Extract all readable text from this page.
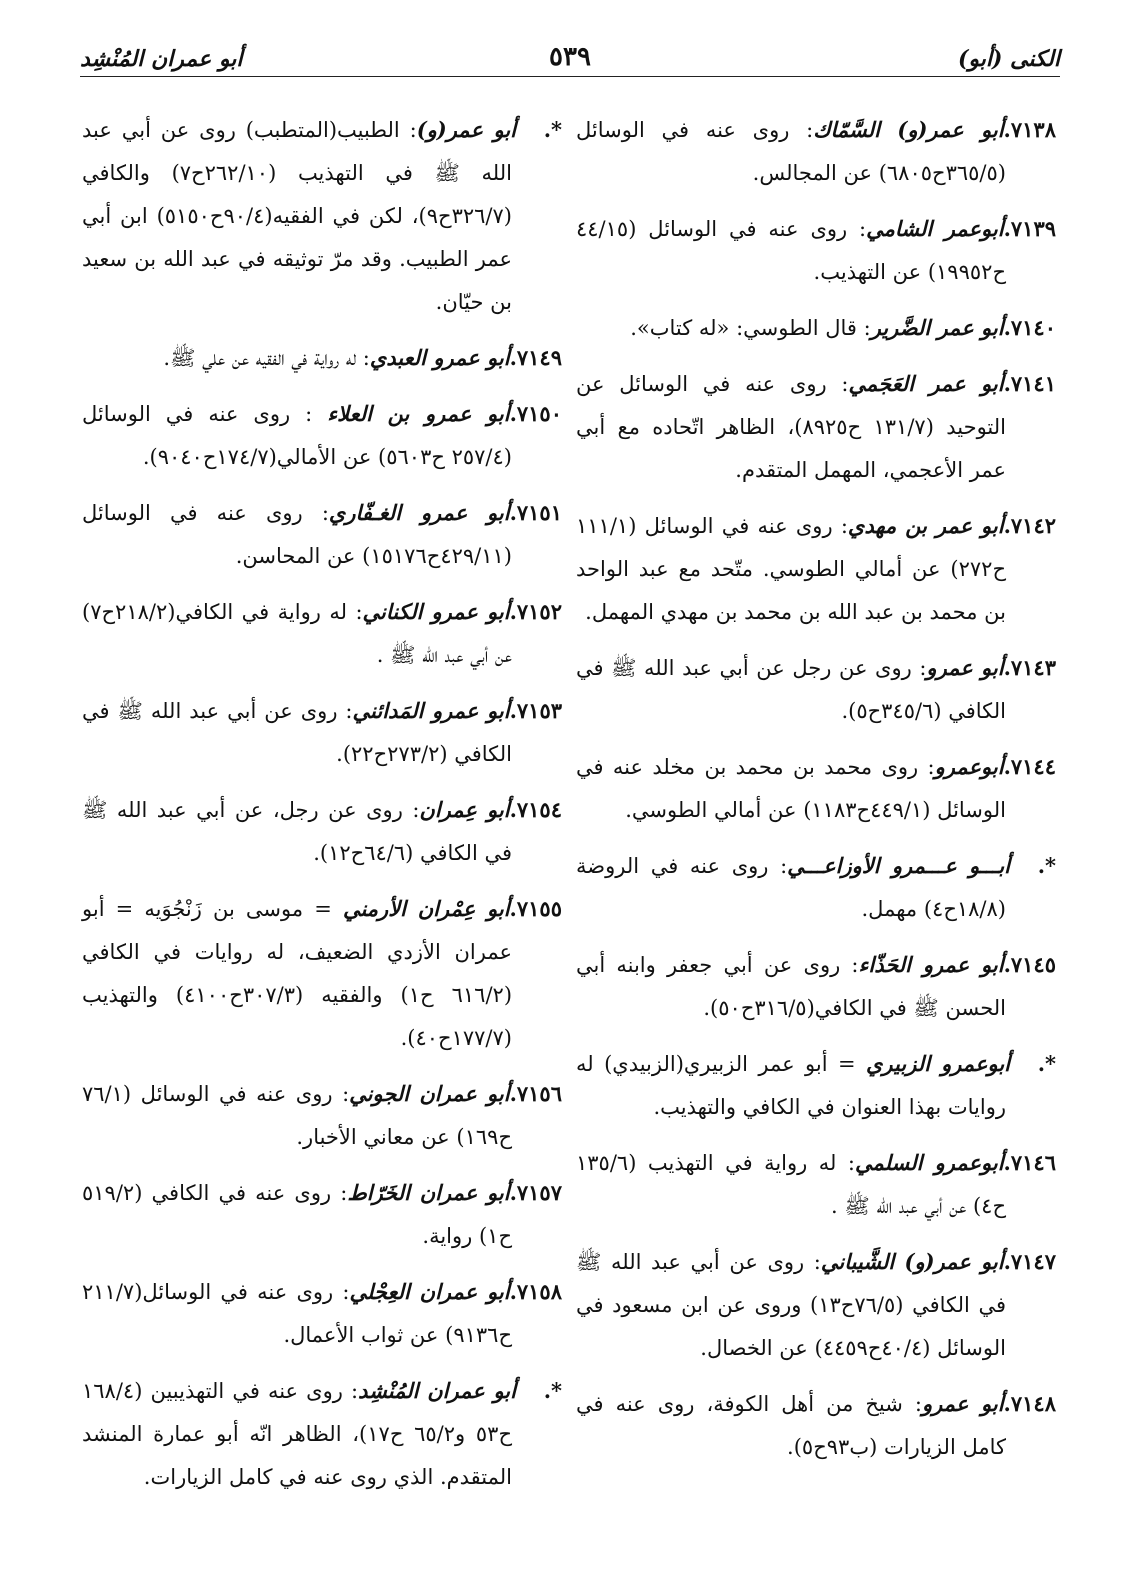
الكنى (أبو)
٥٣٩
أبو عمران المُنْشِد

٧١٣٨.أبو عمر(و) السَّمّاك: روى عنه في الوسائل (٣٦٥/٥ح٦٨٠٥) عن المجالس.

٧١٣٩.أبوعمر الشامي: روى عنه في الوسائل (٤٤/١٥ ح١٩٩٥٢) عن التهذيب.

٧١٤٠.أبو عمر الضَّرير: قال الطوسي: «له كتاب».

٧١٤١.أبو عمر العَجَمي: روى عنه في الوسائل عن التوحيد (١٣١/٧ ح٨٩٢٥)، الظاهر اتّحاده مع أبي عمر الأعجمي، المهمل المتقدم.

٧١٤٢.أبو عمر بن مهدي: روى عنه في الوسائل (١١١/١ ح٢٧٢) عن أمالي الطوسي. متّحد مع عبد الواحد بن محمد بن عبد الله بن محمد بن مهدي المهمل.

٧١٤٣.أبو عمرو: روى عن رجل عن أبي عبد الله ﷺ في الكافي (٣٤٥/٦ح٥).

٧١٤٤.أبوعمرو: روى محمد بن محمد بن مخلد عنه في الوسائل (٤٤٩/١ح١١٨٣) عن أمالي الطوسي.

*.أبـــو عـــمرو الأوزاعـــي: روى عنه في الروضة (١٨/٨ح٤) مهمل.

٧١٤٥.أبو عمرو الحَذّاء: روى عن أبي جعفر وابنه أبي الحسن ﷺ في الكافي(٣١٦/٥ح٥٠).

*.أبوعمرو الزبيري = أبو عمر الزبيري(الزبيدي) له روايات بهذا العنوان في الكافي والتهذيب.

٧١٤٦.أبوعمرو السلمي: له رواية في التهذيب (١٣٥/٦ ح٤) عن أبي عبد الله ﷺ .

٧١٤٧.أبو عمر(و) الشَّيباني: روى عن أبي عبد الله ﷺ في الكافي (٧٦/٥ح١٣) وروى عن ابن مسعود في الوسائل (٤٠/٤ح٤٤٥٩) عن الخصال.

٧١٤٨.أبو عمرو: شيخ من أهل الكوفة، روى عنه في كامل الزيارات (ب٩٣ح٥).

*.أبو عمر(و): الطبيب(المتطبب) روى عن أبي عبد الله ﷺ في التهذيب (٢٦٢/١٠ح٧) والكافي (٣٢٦/٧ح٩)، لكن في الفقيه(٩٠/٤ح٥١٥٠) ابن أبي عمر الطبيب. وقد مرّ توثيقه في عبد الله بن سعيد بن حيّان.

٧١٤٩.أبو عمرو العبدي: له رواية في الفقيه عن علي ﷺ.

٧١٥٠.أبو عمرو بن العلاء : روى عنه في الوسائل (٢٥٧/٤ ح٥٦٠٣) عن الأمالي(١٧٤/٧ح٩٠٤٠).

٧١٥١.أبو عمرو الغـفّاري: روى عنه في الوسائل (٤٢٩/١١ح١٥١٧٦) عن المحاسن.

٧١٥٢.أبو عمرو الكناني: له رواية في الكافي(٢١٨/٢ح٧) عن أبي عبد الله ﷺ .

٧١٥٣.أبو عمرو المَدائني: روى عن أبي عبد الله ﷺ في الكافي (٢٧٣/٢ح٢٢).

٧١٥٤.أبو عِمران: روى عن رجل، عن أبي عبد الله ﷺ في الكافي (٦٤/٦ح١٢).

٧١٥٥.أبو عِمْران الأرمني = موسى بن زَنْجُوَيه = أبو عمران الأزدي الضعيف، له روايات في الكافي (٦١٦/٢ ح١) والفقيه (٣٠٧/٣ح٤١٠٠) والتهذيب (١٧٧/٧ح٤٠).

٧١٥٦.أبو عمران الجوني: روى عنه في الوسائل (٧٦/١ ح١٦٩) عن معاني الأخبار.

٧١٥٧.أبو عمران الخَرّاط: روى عنه في الكافي (٥١٩/٢ ح١) رواية.

٧١٥٨.أبو عمران العِجْلي: روى عنه في الوسائل(٢١١/٧ ح٩١٣٦) عن ثواب الأعمال.

*.أبو عمران المُنْشِد: روى عنه في التهذيبين (١٦٨/٤ ح٥٣ و٦٥/٢ ح١٧)، الظاهر انّه أبو عمارة المنشد المتقدم. الذي روى عنه في كامل الزيارات.
